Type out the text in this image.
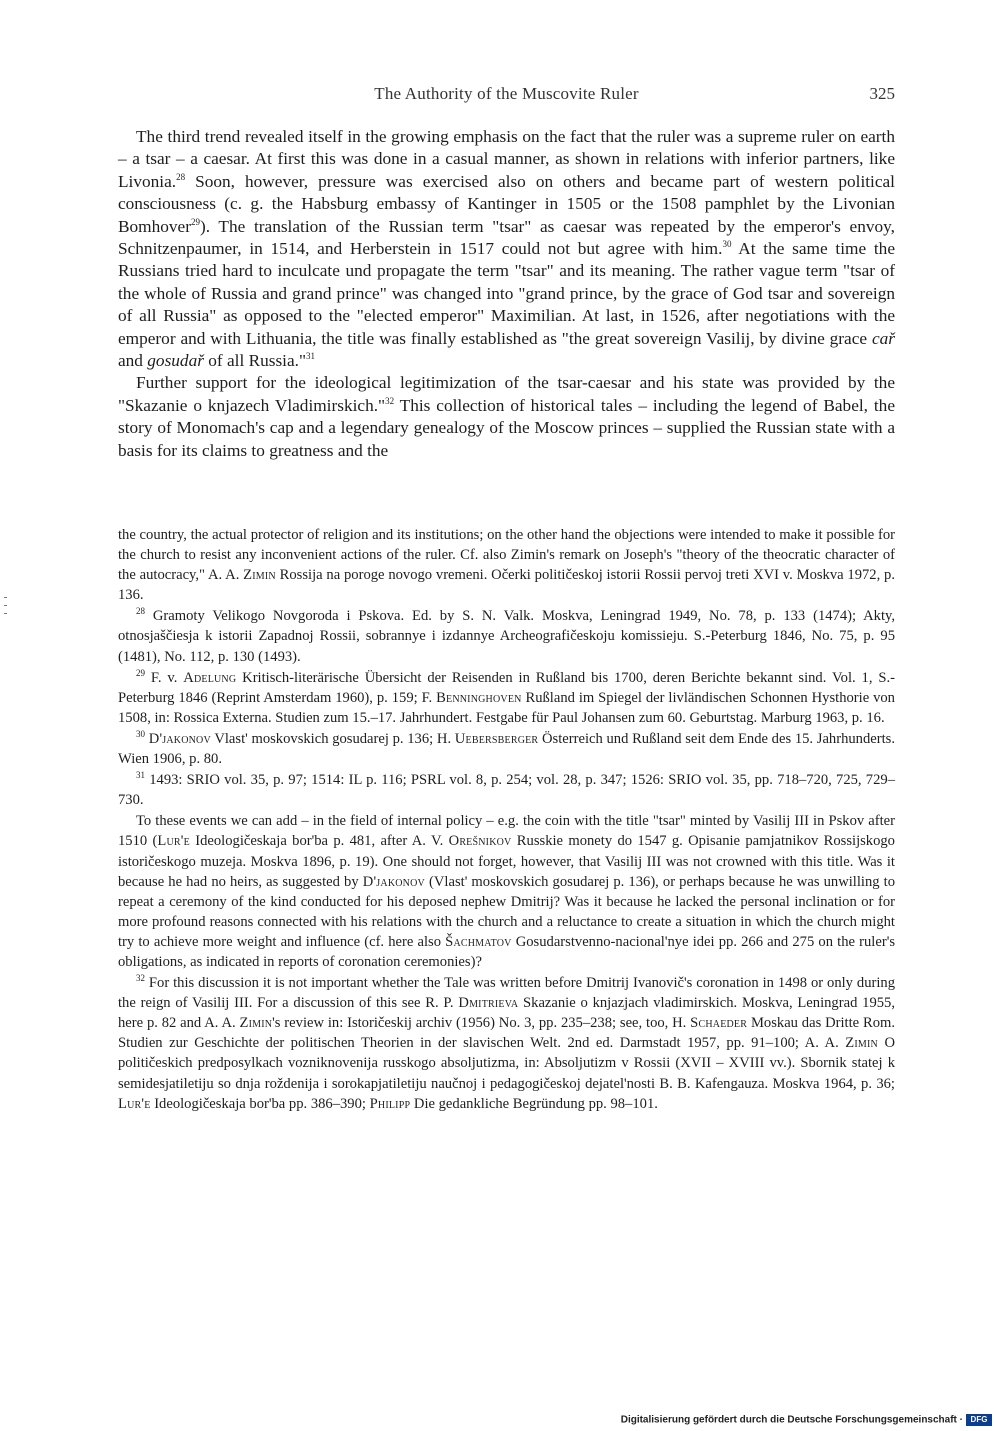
The Authority of the Muscovite Ruler	325

The third trend revealed itself in the growing emphasis on the fact that the ruler was a supreme ruler on earth – a tsar – a caesar. At first this was done in a casual manner, as shown in relations with inferior partners, like Livonia.$^{28}$ Soon, however, pressure was exercised also on others and became part of western political consciousness (c. g. the Habsburg embassy of Kantinger in 1505 or the 1508 pamphlet by the Livonian Bomhover$^{29}$). The translation of the Russian term "tsar" as caesar was repeated by the emperor's envoy, Schnitzenpaumer, in 1514, and Herberstein in 1517 could not but agree with him.$^{30}$ At the same time the Russians tried hard to inculcate und propagate the term "tsar" and its meaning. The rather vague term "tsar of the whole of Russia and grand prince" was changed into "grand prince, by the grace of God tsar and sovereign of all Russia" as opposed to the "elected emperor" Maximilian. At last, in 1526, after negotiations with the emperor and with Lithuania, the title was finally established as "the great sovereign Vasilij, by divine grace cař and gosudař of all Russia."$^{31}$

Further support for the ideological legitimization of the tsar-caesar and his state was provided by the "Skazanie o knjazech Vladimirskich."$^{32}$ This collection of historical tales – including the legend of Babel, the story of Monomach's cap and a legendary genealogy of the Moscow princes – supplied the Russian state with a basis for its claims to greatness and the

the country, the actual protector of religion and its institutions; on the other hand the objections were intended to make it possible for the church to resist any inconvenient actions of the ruler. Cf. also Zimin's remark on Joseph's "theory of the theocratic character of the autocracy," A. A. Zimin Rossija na poroge novogo vremeni. Očerki političeskoj istorii Rossii pervoj treti XVI v. Moskva 1972, p. 136.

$^{28}$ Gramoty Velikogo Novgoroda i Pskova. Ed. by S. N. Valk. Moskva, Leningrad 1949, No. 78, p. 133 (1474); Akty, otnosjaščiesja k istorii Zapadnoj Rossii, sobrannye i izdannye Archeografičeskoju komissieju. S.-Peterburg 1846, No. 75, p. 95 (1481), No. 112, p. 130 (1493).

$^{29}$ F. v. Adelung Kritisch-literärische Übersicht der Reisenden in Rußland bis 1700, deren Berichte bekannt sind. Vol. 1, S.-Peterburg 1846 (Reprint Amsterdam 1960), p. 159; F. Benninghoven Rußland im Spiegel der livländischen Schonnen Hysthorie von 1508, in: Rossica Externa. Studien zum 15.–17. Jahrhundert. Festgabe für Paul Johansen zum 60. Geburtstag. Marburg 1963, p. 16.

$^{30}$ D'jakonov Vlast' moskovskich gosudarej p. 136; H. Uebersberger Österreich und Rußland seit dem Ende des 15. Jahrhunderts. Wien 1906, p. 80.

$^{31}$ 1493: SRIO vol. 35, p. 97; 1514: IL p. 116; PSRL vol. 8, p. 254; vol. 28, p. 347; 1526: SRIO vol. 35, pp. 718–720, 725, 729–730.

To these events we can add – in the field of internal policy – e.g. the coin with the title "tsar" minted by Vasilij III in Pskov after 1510 (Lur'e Ideologičeskaja bor'ba p. 481, after A. V. Orešnikov Russkie monety do 1547 g. Opisanie pamjatnikov Rossijskogo istoričeskogo muzeja. Moskva 1896, p. 19). One should not forget, however, that Vasilij III was not crowned with this title. Was it because he had no heirs, as suggested by D'jakonov (Vlast' moskovskich gosudarej p. 136), or perhaps because he was unwilling to repeat a ceremony of the kind conducted for his deposed nephew Dmitrij? Was it because he lacked the personal inclination or for more profound reasons connected with his relations with the church and a reluctance to create a situation in which the church might try to achieve more weight and influence (cf. here also Šachmatov Gosudarstvenno-nacional'nye idei pp. 266 and 275 on the ruler's obligations, as indicated in reports of coronation ceremonies)?

$^{32}$ For this discussion it is not important whether the Tale was written before Dmitrij Ivanovič's coronation in 1498 or only during the reign of Vasilij III. For a discussion of this see R. P. Dmitrieva Skazanie o knjazjach vladimirskich. Moskva, Leningrad 1955, here p. 82 and A. A. Zimin's review in: Istoričeskij archiv (1956) No. 3, pp. 235–238; see, too, H. Schaeder Moskau das Dritte Rom. Studien zur Geschichte der politischen Theorien in der slavischen Welt. 2nd ed. Darmstadt 1957, pp. 91–100; A. A. Zimin O političeskich predposylkach vozniknovenija russkogo absoljutizma, in: Absoljutizm v Rossii (XVII – XVIII vv.). Sbornik statej k semidesjatiletiju so dnja roždenija i sorokapjatiletiju naučnoj i pedagogičeskoj dejatel'nosti B. B. Kafengauza. Moskva 1964, p. 36; Lur'e Ideologičeskaja bor'ba pp. 386–390; Philipp Die gedankliche Begründung pp. 98–101.

Digitalisierung gefördert durch die Deutsche Forschungsgemeinschaft · DFG
